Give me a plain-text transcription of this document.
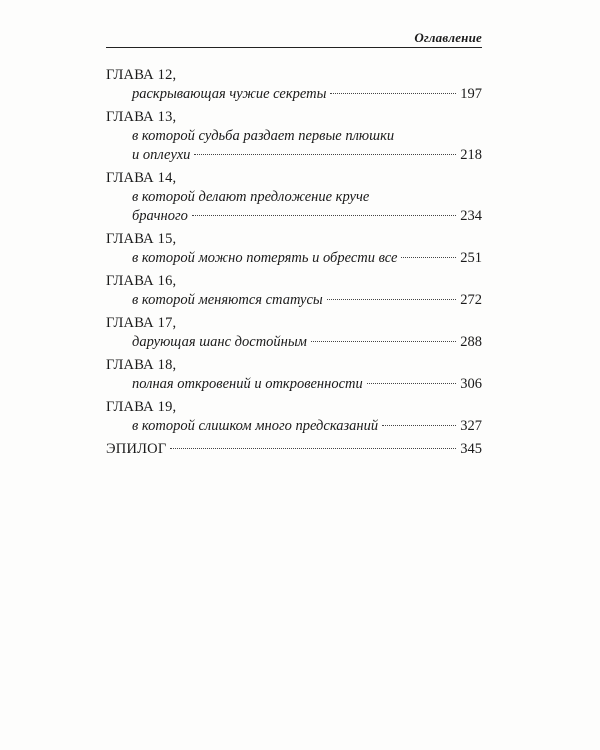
Оглавление
ГЛАВА 12,
раскрывающая чужие секреты	197
ГЛАВА 13,
в которой судьба раздает первые плюшки
и оплеухи	218
ГЛАВА 14,
в которой делают предложение круче
брачного	234
ГЛАВА 15,
в которой можно потерять и обрести все	251
ГЛАВА 16,
в которой меняются статусы	272
ГЛАВА 17,
дарующая шанс достойным	288
ГЛАВА 18,
полная откровений и откровенности	306
ГЛАВА 19,
в которой слишком много предсказаний	327
ЭПИЛОГ	345
